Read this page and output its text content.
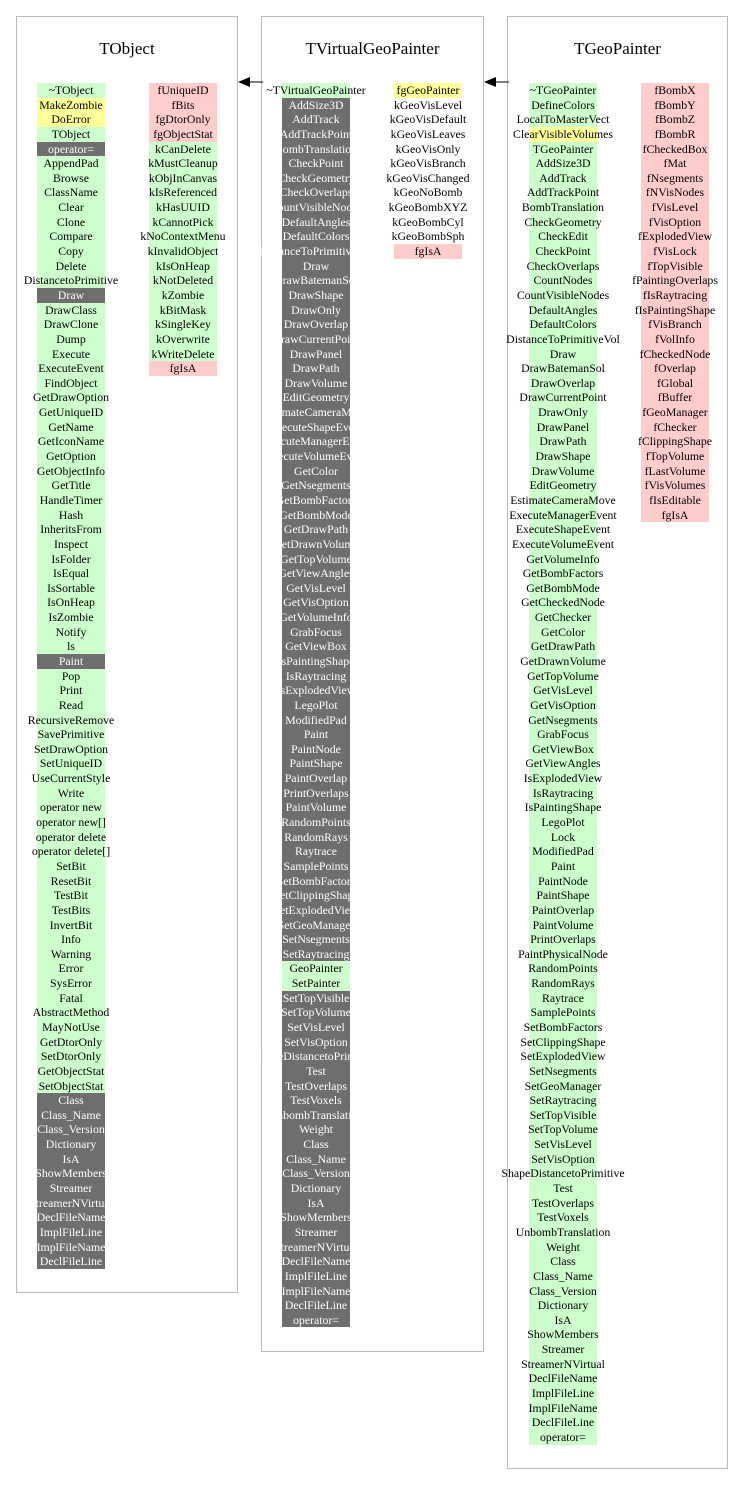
TObject	TVirtualGeoPainter	TGeoPainter
~TObject
MakeZombie
DoError
TObject
operator=
AppendPad
Browse
ClassName
Clear
Clone
Compare
Copy
Delete
DistancetoPrimitive
Draw
DrawClass
DrawClone
Dump
Execute
ExecuteEvent
FindObject
GetDrawOption
GetUniqueID
GetName
GetIconName
GetOption
GetObjectInfo
GetTitle
HandleTimer
Hash
InheritsFrom
Inspect
IsFolder
IsEqual
IsSortable
IsOnHeap
IsZombie
Notify
ls
Paint
Pop
Print
Read
RecursiveRemove
SavePrimitive
SetDrawOption
SetUniqueID
UseCurrentStyle
Write
operator new
operator new[]
operator delete
operator delete[]
SetBit
ResetBit
TestBit
TestBits
InvertBit
Info
Warning
Error
SysError
Fatal
AbstractMethod
MayNotUse
GetDtorOnly
SetDtorOnly
GetObjectStat
SetObjectStat
Class
Class_Name
Class_Version
Dictionary
IsA
ShowMembers
Streamer
StreamerNVirtual
DeclFileName
ImplFileLine
ImplFileName
DeclFileLine
fUniqueID
fBits
fgDtorOnly
fgObjectStat
kCanDelete
kMustCleanup
kObjInCanvas
kIsReferenced
kHasUUID
kCannotPick
kNoContextMenu
kInvalidObject
kIsOnHeap
kNotDeleted
kZombie
kBitMask
kSingleKey
kOverwrite
kWriteDelete
fgIsA
~TVirtualGeoPainter
AddSize3D
AddTrack
AddTrackPoint
BombTranslation
CheckPoint
CheckGeometry
CheckOverlaps
CountVisibleNodes
DefaultAngles
DefaultColors
DistanceToPrimitiveVol
Draw
DrawBatemanSol
DrawShape
DrawOnly
DrawOverlap
DrawCurrentPoint
DrawPanel
DrawPath
DrawVolume
EditGeometry
EstimateCameraMove
ExecuteShapeEvent
ExecuteManagerEvent
ExecuteVolumeEvent
GetColor
GetNsegments
GetBombFactors
GetBombMode
GetDrawPath
GetDrawnVolume
GetTopVolume
GetViewAngles
GetVisLevel
GetVisOption
GetVolumeInfo
GrabFocus
GetViewBox
IsPaintingShape
IsRaytracing
IsExplodedView
LegoPlot
ModifiedPad
Paint
PaintNode
PaintShape
PaintOverlap
PrintOverlaps
PaintVolume
RandomPoints
RandomRays
Raytrace
SamplePoints
SetBombFactors
SetClippingShape
SetExplodedView
SetGeoManager
SetNsegments
SetRaytracing
GeoPainter
SetPainter
SetTopVisible
SetTopVolume
SetVisLevel
SetVisOption
ShapeDistancetoPrimitive
Test
TestOverlaps
TestVoxels
UnbombTranslation
Weight
Class
Class_Name
Class_Version
Dictionary
IsA
ShowMembers
Streamer
StreamerNVirtual
DeclFileName
ImplFileLine
ImplFileName
DeclFileLine
operator=
fgGeoPainter
kGeoVisLevel
kGeoVisDefault
kGeoVisLeaves
kGeoVisOnly
kGeoVisBranch
kGeoVisChanged
kGeoNoBomb
kGeoBombXYZ
kGeoBombCyl
kGeoBombSph
fgIsA
~TGeoPainter
DefineColors
LocalToMasterVect
ClearVisibleVolumes
TGeoPainter
AddSize3D
AddTrack
AddTrackPoint
BombTranslation
CheckGeometry
CheckEdit
CheckPoint
CheckOverlaps
CountNodes
CountVisibleNodes
DefaultAngles
DefaultColors
DistanceToPrimitiveVol
Draw
DrawBatemanSol
DrawOverlap
DrawCurrentPoint
DrawOnly
DrawPanel
DrawPath
DrawShape
DrawVolume
EditGeometry
EstimateCameraMove
ExecuteManagerEvent
ExecuteShapeEvent
ExecuteVolumeEvent
GetVolumeInfo
GetBombFactors
GetBombMode
GetCheckedNode
GetChecker
GetColor
GetDrawPath
GetDrawnVolume
GetTopVolume
GetVisLevel
GetVisOption
GetNsegments
GrabFocus
GetViewBox
GetViewAngles
IsExplodedView
IsRaytracing
IsPaintingShape
LegoPlot
Lock
ModifiedPad
Paint
PaintNode
PaintShape
PaintOverlap
PaintVolume
PrintOverlaps
PaintPhysicalNode
RandomPoints
RandomRays
Raytrace
SamplePoints
SetBombFactors
SetClippingShape
SetExplodedView
SetNsegments
SetGeoManager
SetRaytracing
SetTopVisible
SetTopVolume
SetVisLevel
SetVisOption
ShapeDistancetoPrimitive
Test
TestOverlaps
TestVoxels
UnbombTranslation
Weight
Class
Class_Name
Class_Version
Dictionary
IsA
ShowMembers
Streamer
StreamerNVirtual
DeclFileName
ImplFileLine
ImplFileName
DeclFileLine
operator=
fBombX
fBombY
fBombZ
fBombR
fCheckedBox
fMat
fNsegments
fNVisNodes
fVisLevel
fVisOption
fExplodedView
fVisLock
fTopVisible
fPaintingOverlaps
fIsRaytracing
fIsPaintingShape
fVisBranch
fVolInfo
fCheckedNode
fOverlap
fGlobal
fBuffer
fGeoManager
fChecker
fClippingShape
fTopVolume
fLastVolume
fVisVolumes
fIsEditable
fgIsA
